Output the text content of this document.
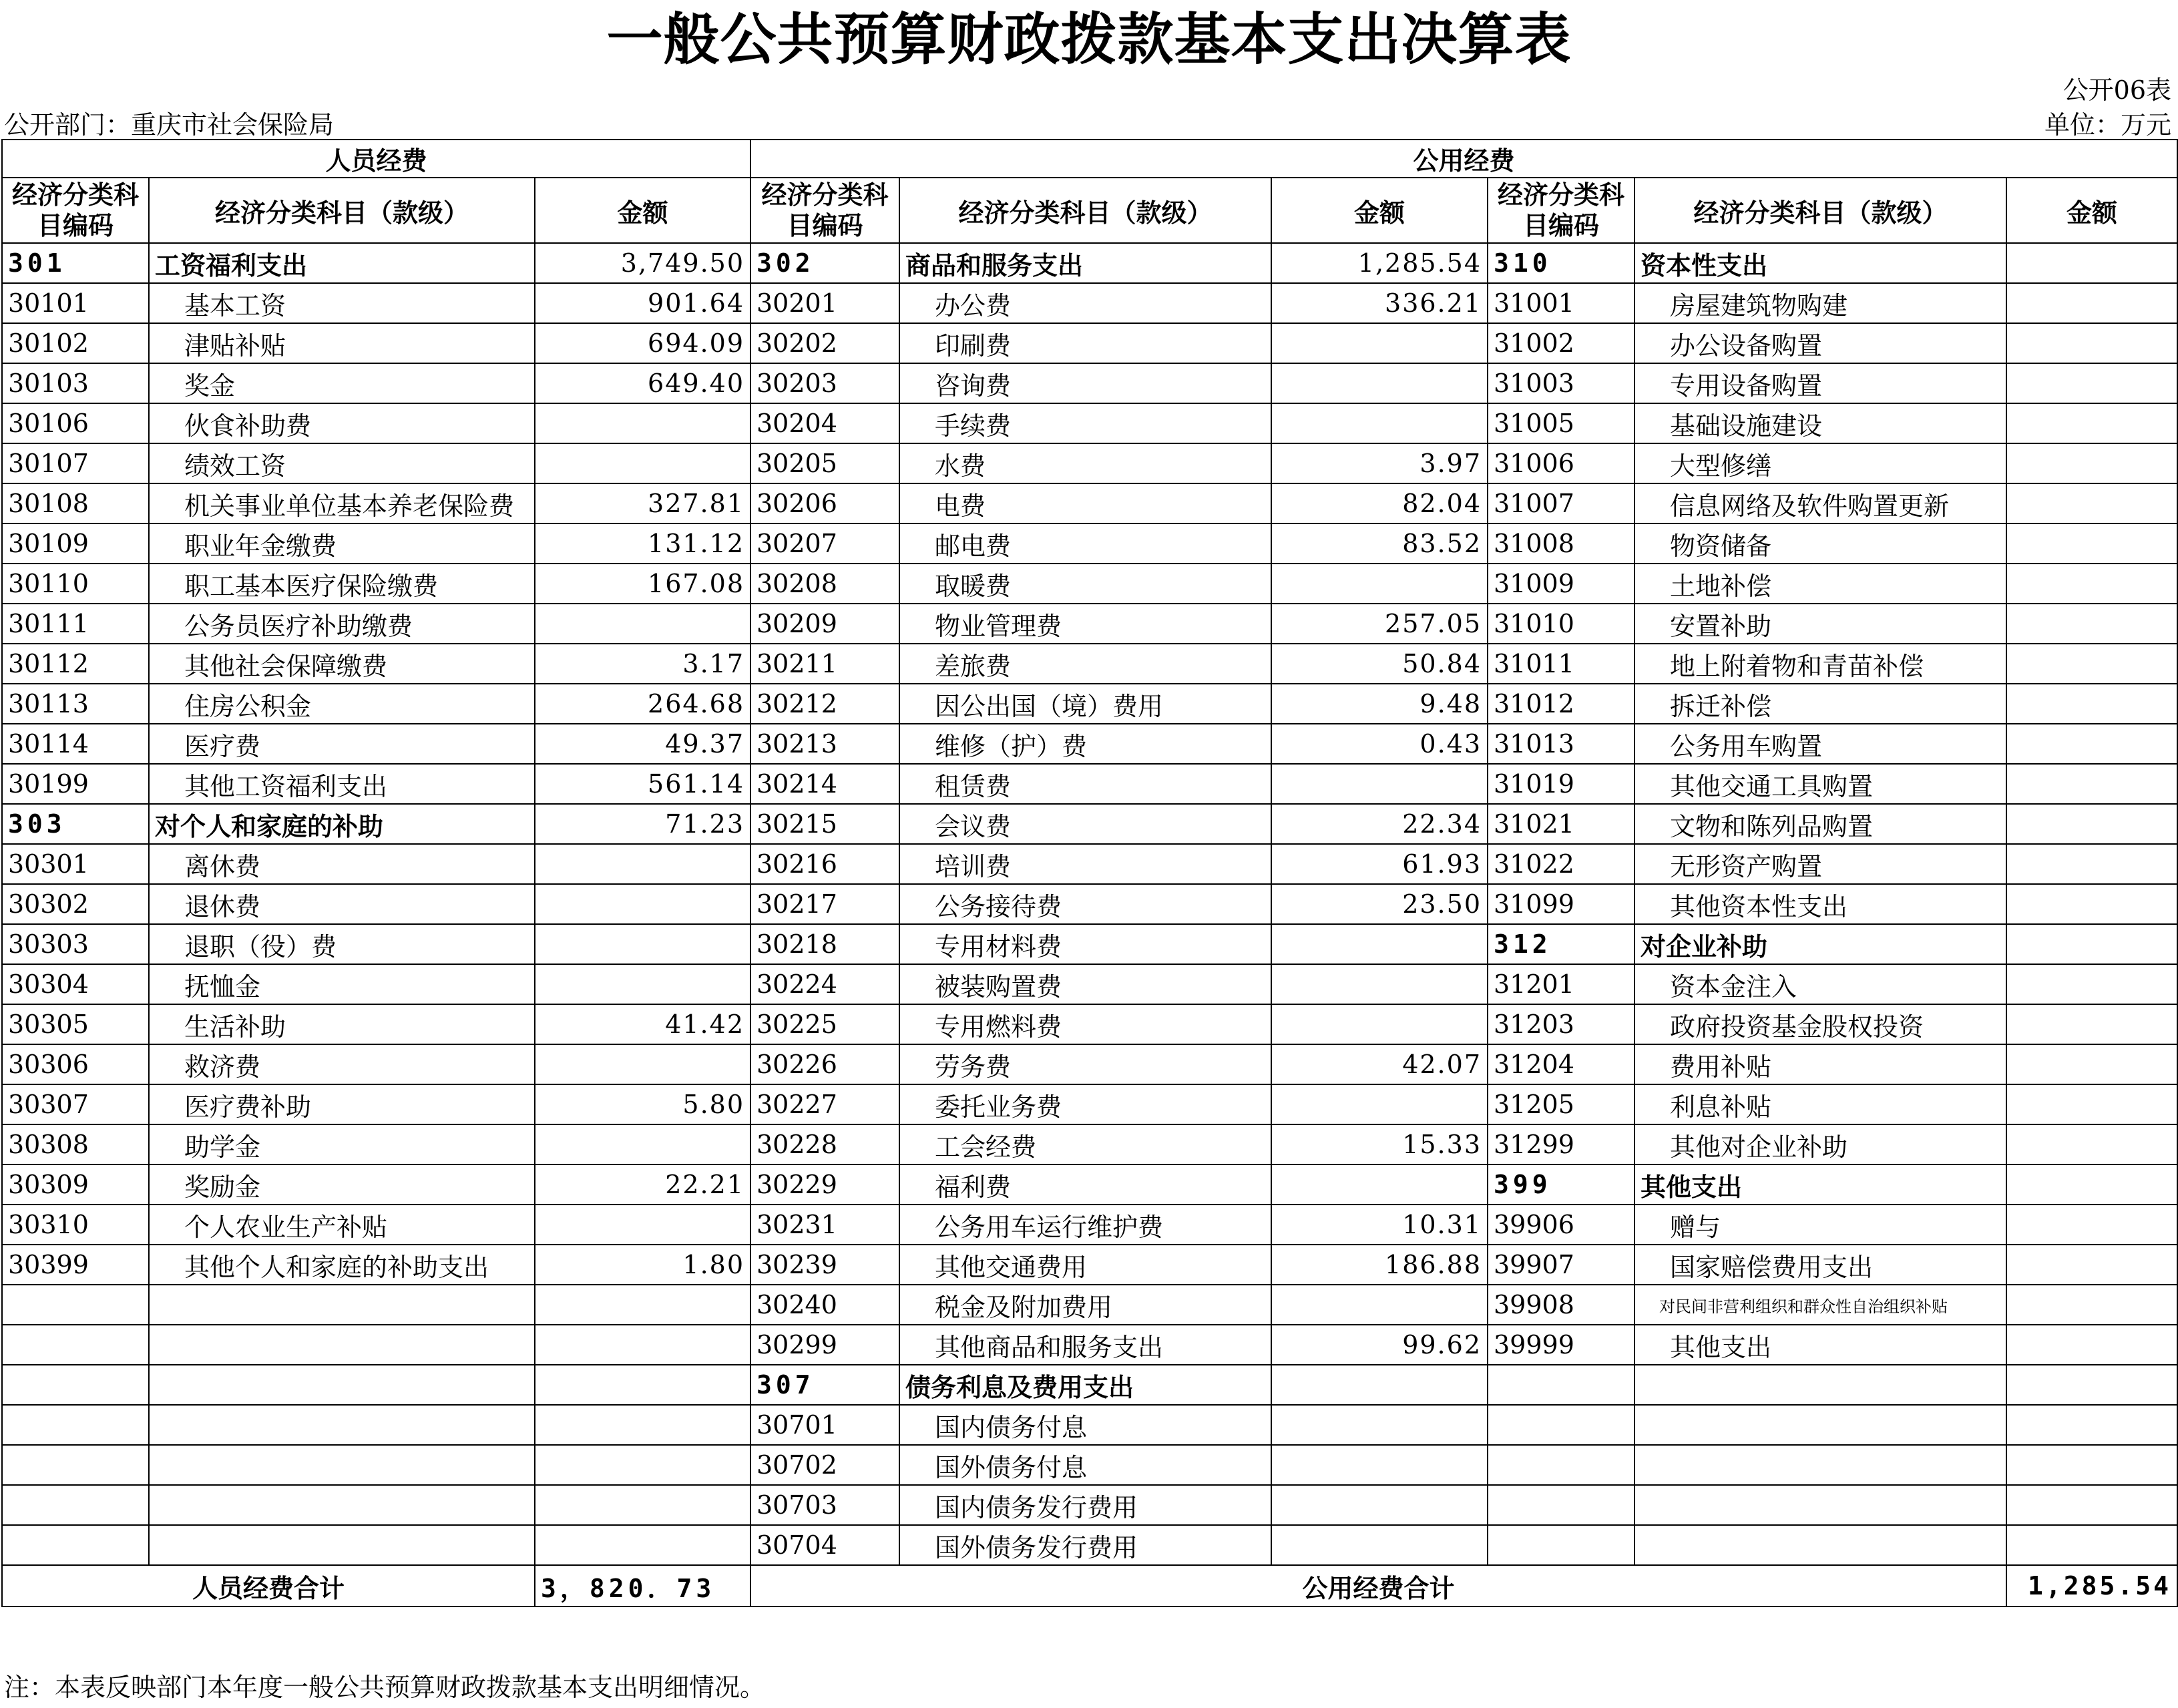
一般公共预算财政拨款基本支出决算表
公开06表
公开部门：重庆市社会保险局	单位：万元
人员经费			公用经费					
经济分类科目编码	经济分类科目（款级）	金额	经济分类科目编码	经济分类科目（款级）	金额	经济分类科目编码	经济分类科目（款级）	金额
301	工资福利支出	3,749.50	302	商品和服务支出	1,285.54	310	资本性支出	
30101	基本工资	901.64	30201	办公费	336.21	31001	房屋建筑物购建	
30102	津贴补贴	694.09	30202	印刷费		31002	办公设备购置	
30103	奖金	649.40	30203	咨询费		31003	专用设备购置	
30106	伙食补助费		30204	手续费		31005	基础设施建设	
30107	绩效工资		30205	水费	3.97	31006	大型修缮	
30108	机关事业单位基本养老保险费	327.81	30206	电费	82.04	31007	信息网络及软件购置更新	
30109	职业年金缴费	131.12	30207	邮电费	83.52	31008	物资储备	
30110	职工基本医疗保险缴费	167.08	30208	取暖费		31009	土地补偿	
30111	公务员医疗补助缴费		30209	物业管理费	257.05	31010	安置补助	
30112	其他社会保障缴费	3.17	30211	差旅费	50.84	31011	地上附着物和青苗补偿	
30113	住房公积金	264.68	30212	因公出国（境）费用	9.48	31012	拆迁补偿	
30114	医疗费	49.37	30213	维修（护）费	0.43	31013	公务用车购置	
30199	其他工资福利支出	561.14	30214	租赁费		31019	其他交通工具购置	
303	对个人和家庭的补助	71.23	30215	会议费	22.34	31021	文物和陈列品购置	
30301	离休费		30216	培训费	61.93	31022	无形资产购置	
30302	退休费		30217	公务接待费	23.50	31099	其他资本性支出	
30303	退职（役）费		30218	专用材料费		312	对企业补助	
30304	抚恤金		30224	被装购置费		31201	资本金注入	
30305	生活补助	41.42	30225	专用燃料费		31203	政府投资基金股权投资	
30306	救济费		30226	劳务费	42.07	31204	费用补贴	
30307	医疗费补助	5.80	30227	委托业务费		31205	利息补贴	
30308	助学金		30228	工会经费	15.33	31299	其他对企业补助	
30309	奖励金	22.21	30229	福利费		399	其他支出	
30310	个人农业生产补贴		30231	公务用车运行维护费	10.31	39906	赠与	
30399	其他个人和家庭的补助支出	1.80	30239	其他交通费用	186.88	39907	国家赔偿费用支出	
			30240	税金及附加费用		39908	对民间非营利组织和群众性自治组织补贴	
			30299	其他商品和服务支出	99.62	39999	其他支出	
			307	债务利息及费用支出				
			30701	国内债务付息				
			30702	国外债务付息				
			30703	国内债务发行费用				
			30704	国外债务发行费用				
人员经费合计		3，820．73	公用经费合计					1,285.54
注：本表反映部门本年度一般公共预算财政拨款基本支出明细情况。
